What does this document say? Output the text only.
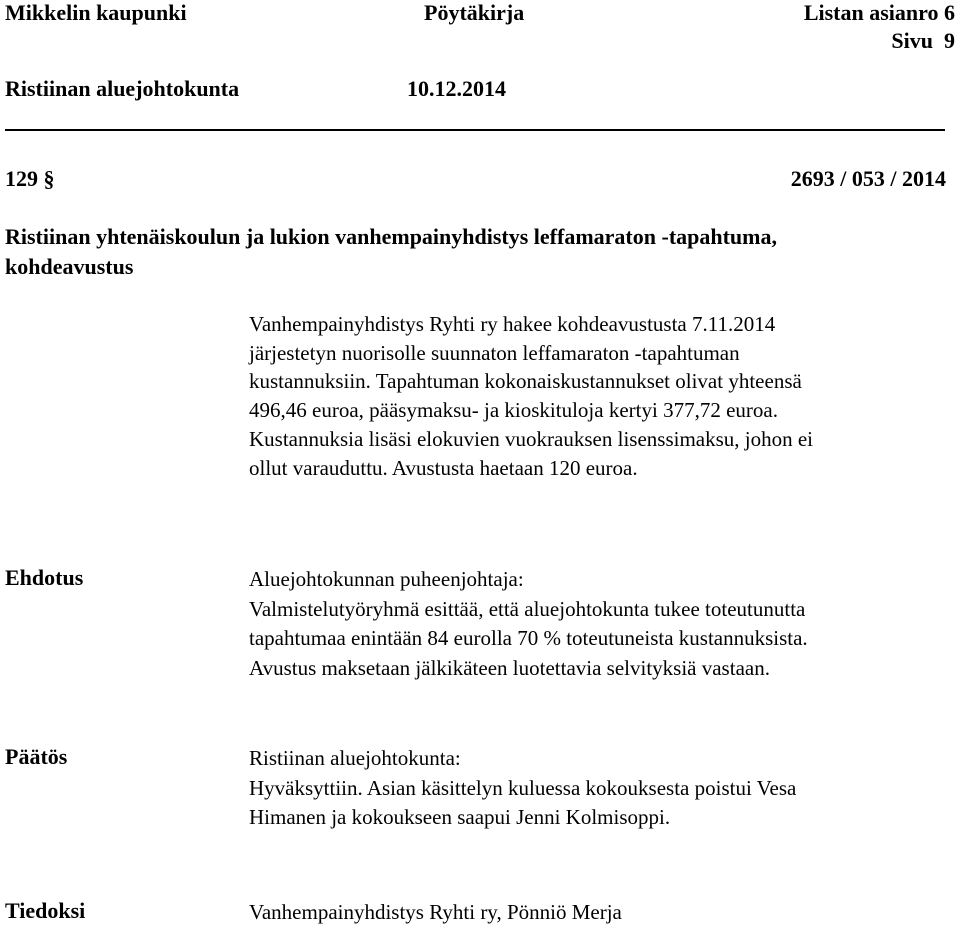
Mikkelin kaupunki	Pöytäkirja	Listan asianro 6
Sivu  9
Ristiinan aluejohtokunta	10.12.2014
129 §	2693 / 053 / 2014
Ristiinan yhtenäiskoulun ja lukion vanhempainyhdistys leffamaraton -tapahtuma,
kohdeavustus
Vanhempainyhdistys Ryhti ry hakee kohdeavustusta 7.11.2014
järjestetyn nuorisolle suunnaton leffamaraton -tapahtuman
kustannuksiin. Tapahtuman kokonaiskustannukset olivat yhteensä
496,46 euroa, pääsymaksu- ja kioskituloja kertyi 377,72 euroa.
Kustannuksia lisäsi elokuvien vuokrauksen lisenssimaksu, johon ei
ollut varauduttu. Avustusta haetaan 120 euroa.
Ehdotus	Aluejohtokunnan puheenjohtaja:
Valmistelutyöryhmä esittää, että aluejohtokunta tukee toteutunutta
tapahtumaa enintään 84 eurolla 70 % toteutuneista kustannuksista.
Avustus maksetaan jälkikäteen luotettavia selvityksiä vastaan.
Päätös	Ristiinan aluejohtokunta:
Hyväksyttiin. Asian käsittelyn kuluessa kokouksesta poistui Vesa
Himanen ja kokoukseen saapui Jenni Kolmisoppi.
Tiedoksi	Vanhempainyhdistys Ryhti ry, Pönniö Merja
